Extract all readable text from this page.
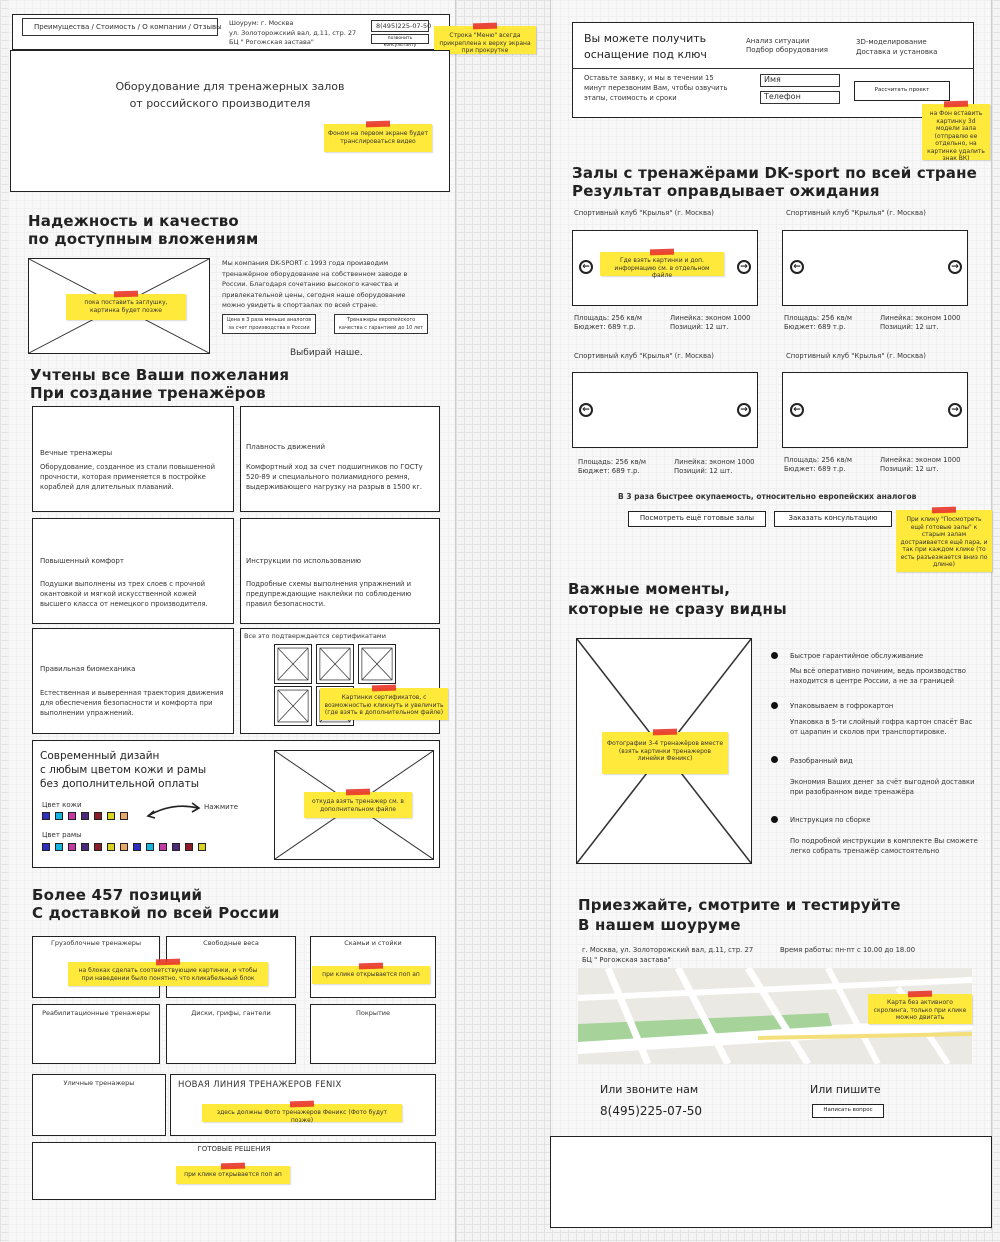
Преимущества / Стоимость / О компании / Отзывы Шоурум: г. Москва
ул. Золоторожский вал, д.11, стр. 27
БЦ " Рогожская застава"
8(495)225-07-50
позвонить консультанту
Строка "Меню" всегда прикреплена к верху экрана при прокрутке
Оборудование для тренажерных залов
от российского производителя
Фоном на первом экране будет транслироваться видео
Надежность и качество
по доступным вложениям
пока поставить заглушку, картинка будет позже
Мы компания DK-SPORT с 1993 года производим тренажёрное оборудование на собственном заводе в России. Благодаря сочетанию высокого качества и привлекательной цены, сегодня наше оборудование можно увидеть в спортзалах по всей стране.
Цена в 3 раза меньше аналогов за счет производства в России
Тренажеры европейского качества с гарантией до 10 лет
Выбирай наше.
Учтены все Ваши пожелания
При создание тренажёров
Вечные тренажеры
Оборудование, созданное из стали повышенной прочности, которая применяется в постройке кораблей для длительных плаваний.
Плавность движений
Комфортный ход за счет подшипников по ГОСТу 520-89 и специального полиамидного ремня, выдерживающего нагрузку на разрыв в 1500 кг.
Повышенный комфорт
Подушки выполнены из трех слоев с прочной окантовкой и мягкой искусственной кожей высшего класса от немецкого производителя.
Инструкции по использованию
Подробные схемы выполнения упражнений и предупреждающие наклейки по соблюдению правил безопасности.
Правильная биомеханика
Естественная и выверенная траектория движения для обеспечения безопасности и комфорта при выполнении упражнений.
Все это подтверждается сертификатами
Картинки сертификатов, с возможностью кликнуть и увеличить (где взять в дополнительном файле)
Современный дизайн
с любым цветом кожи и рамы
без дополнительной оплаты
Цвет кожи
Цвет рамы
Нажмите
откуда взять тренажер см. в дополнительном файле
Более 457 позиций
С доставкой по всей России
Грузоблочные тренажеры	Свободные веса	Скамьи и стойки
на блоках сделать соответствующие картинки, и чтобы при наведении было понятно, что кликабельный блок	при клике открывается поп ап
Реабилитационные тренажеры	Диски, грифы, гантели	Покрытие
Уличные тренажеры	НОВАЯ ЛИНИЯ ТРЕНАЖЕРОВ FENIX
здесь должны Фото тренажеров Феникс (Фото будут позже)
ГОТОВЫЕ РЕШЕНИЯ
при клике открывается поп ап
Вы можете получить
оснащение под ключ
Анализ ситуации
Подбор оборудования
3D-моделирование
Доставка и установка
Оставьте заявку, и мы в течении 15 минут перезвоним Вам, чтобы озвучить этапы, стоимость и сроки
Имя
Телефон
Рассчитать проект
на Фон вставить картинку 3d модели зала (отправлю ее отдельно, на картинке удалить знак ВК)
Залы с тренажёрами DK-sport по всей стране
Результат оправдывает ожидания
Спортивный клуб "Крылья" (г. Москва)
←	→
Где взять картинки и доп. информацию см. в отдельном файле
Площадь: 256 кв/м
Бюджет: 689 т.р.
Линейка: эконом 1000
Позиций: 12 шт.
Спортивный клуб "Крылья" (г. Москва)
←	→
Площадь: 256 кв/м
Бюджет: 689 т.р.
Линейка: эконом 1000
Позиций: 12 шт.
Спортивный клуб "Крылья" (г. Москва)
←	→
Площадь: 256 кв/м
Бюджет: 689 т.р.
Линейка: эконом 1000
Позиций: 12 шт.
Спортивный клуб "Крылья" (г. Москва)
←	→
Площадь: 256 кв/м
Бюджет: 689 т.р.
Линейка: эконом 1000
Позиций: 12 шт.
В 3 раза быстрее окупаемость, относительно европейских аналогов
Посмотреть ещё готовые залы	Заказать консультацию	При клику "Посмотреть ещё готовые залы" к старым залам достраивается ещё пара, и так при каждом клике (то есть разъезжается вниз по длине)
Важные моменты,
которые не сразу видны
Фотографии 3-4 тренажёров вместе (взять картинки тренажеров линейки Феникс)
Быстрое гарантийное обслуживание
Мы всё оперативно починим, ведь производство находится в центре России, а не за границей
Упаковываем в гофрокартон
Упаковка в 5-ти слойный гофра картон спасёт Вас от царапин и сколов при транспортировке.
Разобранный вид
Экономия Ваших денег за счёт выгодной доставки при разобранном виде тренажёра
Инструкция по сборке
По подробной инструкции в комплекте Вы сможете легко собрать тренажёр самостоятельно
Приезжайте, смотрите и тестируйте
В нашем шоуруме
г. Москва, ул. Золоторожский вал, д.11, стр. 27
БЦ " Рогожская застава"
Время работы: пн-пт с 10.00 до 18.00
Карта без активного скролинга, только при клике можно двигать
Или звоните нам
8(495)225-07-50
Или пишите
Написать вопрос
